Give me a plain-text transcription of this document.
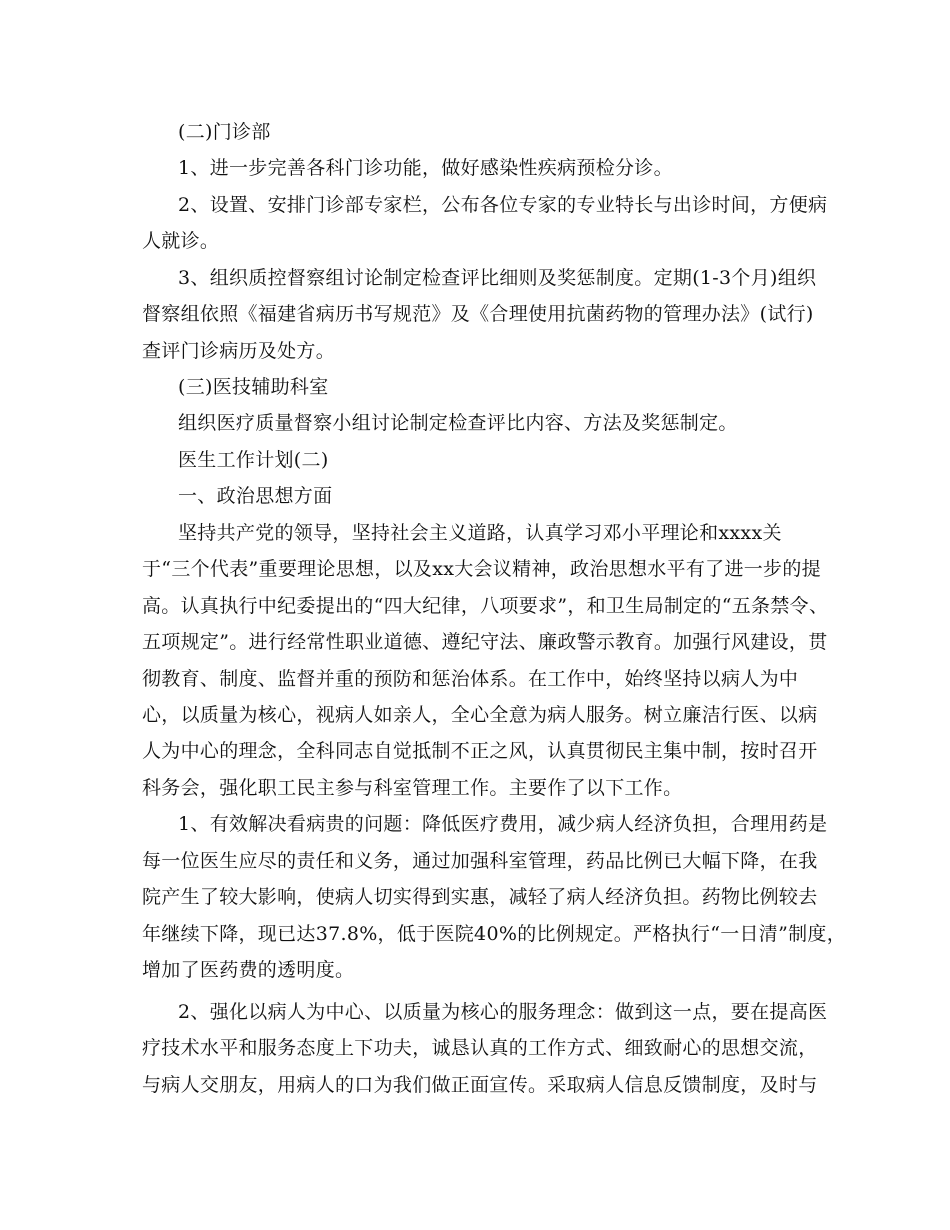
(二)门诊部
1、进一步完善各科门诊功能，做好感染性疾病预检分诊。
2、设置、安排门诊部专家栏，公布各位专家的专业特长与出诊时间，方便病
人就诊。
3、组织质控督察组讨论制定检查评比细则及奖惩制度。定期(1-3个月)组织
督察组依照《福建省病历书写规范》及《合理使用抗菌药物的管理办法》(试行)
查评门诊病历及处方。
(三)医技辅助科室
组织医疗质量督察小组讨论制定检查评比内容、方法及奖惩制定。
医生工作计划(二)
一、政治思想方面
坚持共产党的领导，坚持社会主义道路，认真学习邓小平理论和xxxx关
于“三个代表”重要理论思想，以及xx大会议精神，政治思想水平有了进一步的提
高。认真执行中纪委提出的“四大纪律，八项要求”，和卫生局制定的“五条禁令、
五项规定”。进行经常性职业道德、遵纪守法、廉政警示教育。加强行风建设，贯
彻教育、制度、监督并重的预防和惩治体系。在工作中，始终坚持以病人为中
心，以质量为核心，视病人如亲人，全心全意为病人服务。树立廉洁行医、以病
人为中心的理念，全科同志自觉抵制不正之风，认真贯彻民主集中制，按时召开
科务会，强化职工民主参与科室管理工作。主要作了以下工作。
1、有效解决看病贵的问题：降低医疗费用，减少病人经济负担，合理用药是
每一位医生应尽的责任和义务，通过加强科室管理，药品比例已大幅下降，在我
院产生了较大影响，使病人切实得到实惠，减轻了病人经济负担。药物比例较去
年继续下降，现已达37.8%，低于医院40%的比例规定。严格执行“一日清”制度，
增加了医药费的透明度。
2、强化以病人为中心、以质量为核心的服务理念：做到这一点，要在提高医
疗技术水平和服务态度上下功夫，诚恳认真的工作方式、细致耐心的思想交流，
与病人交朋友，用病人的口为我们做正面宣传。采取病人信息反馈制度，及时与
